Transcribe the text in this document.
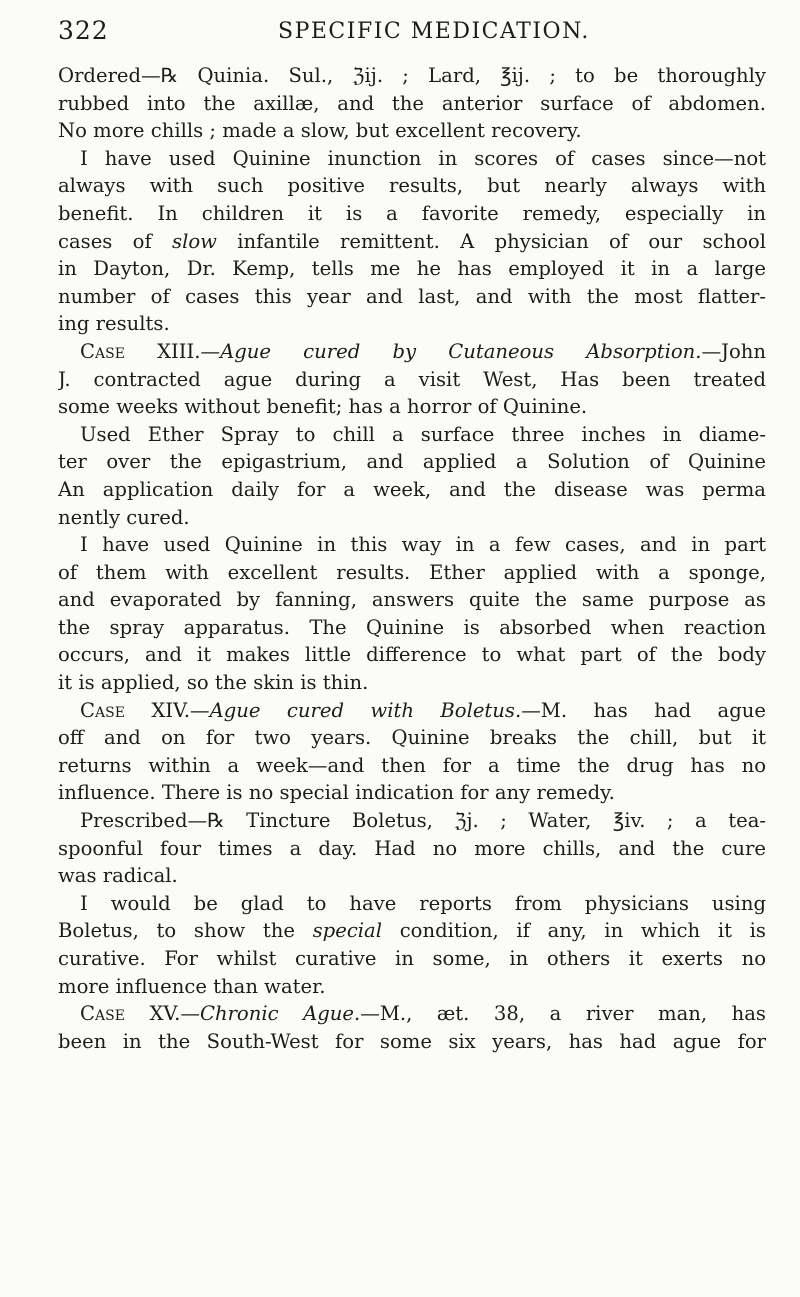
322	SPECIFIC MEDICATION.
Ordered—℞ Quinia. Sul., ℨij. ; Lard, ℥ij. ; to be thoroughly
rubbed into the axillæ, and the anterior surface of abdomen.
No more chills ; made a slow, but excellent recovery.
I have used Quinine inunction in scores of cases since—not
always with such positive results, but nearly always with
benefit. In children it is a favorite remedy, especially in
cases of slow infantile remittent. A physician of our school
in Dayton, Dr. Kemp, tells me he has employed it in a large
number of cases this year and last, and with the most flatter-
ing results.
Case XIII.—Ague cured by Cutaneous Absorption.—John
J. contracted ague during a visit West, Has been treated
some weeks without benefit; has a horror of Quinine.
Used Ether Spray to chill a surface three inches in diame-
ter over the epigastrium, and applied a Solution of Quinine
An application daily for a week, and the disease was perma
nently cured.
I have used Quinine in this way in a few cases, and in part
of them with excellent results. Ether applied with a sponge,
and evaporated by fanning, answers quite the same purpose as
the spray apparatus. The Quinine is absorbed when reaction
occurs, and it makes little difference to what part of the body
it is applied, so the skin is thin.
Case XIV.—Ague cured with Boletus.—M. has had ague
off and on for two years. Quinine breaks the chill, but it
returns within a week—and then for a time the drug has no
influence. There is no special indication for any remedy.
Prescribed—℞ Tincture Boletus, ℨj. ; Water, ℥iv. ; a tea-
spoonful four times a day. Had no more chills, and the cure
was radical.
I would be glad to have reports from physicians using
Boletus, to show the special condition, if any, in which it is
curative. For whilst curative in some, in others it exerts no
more influence than water.
Case XV.—Chronic Ague.—M., æt. 38, a river man, has
been in the South-West for some six years, has had ague for
